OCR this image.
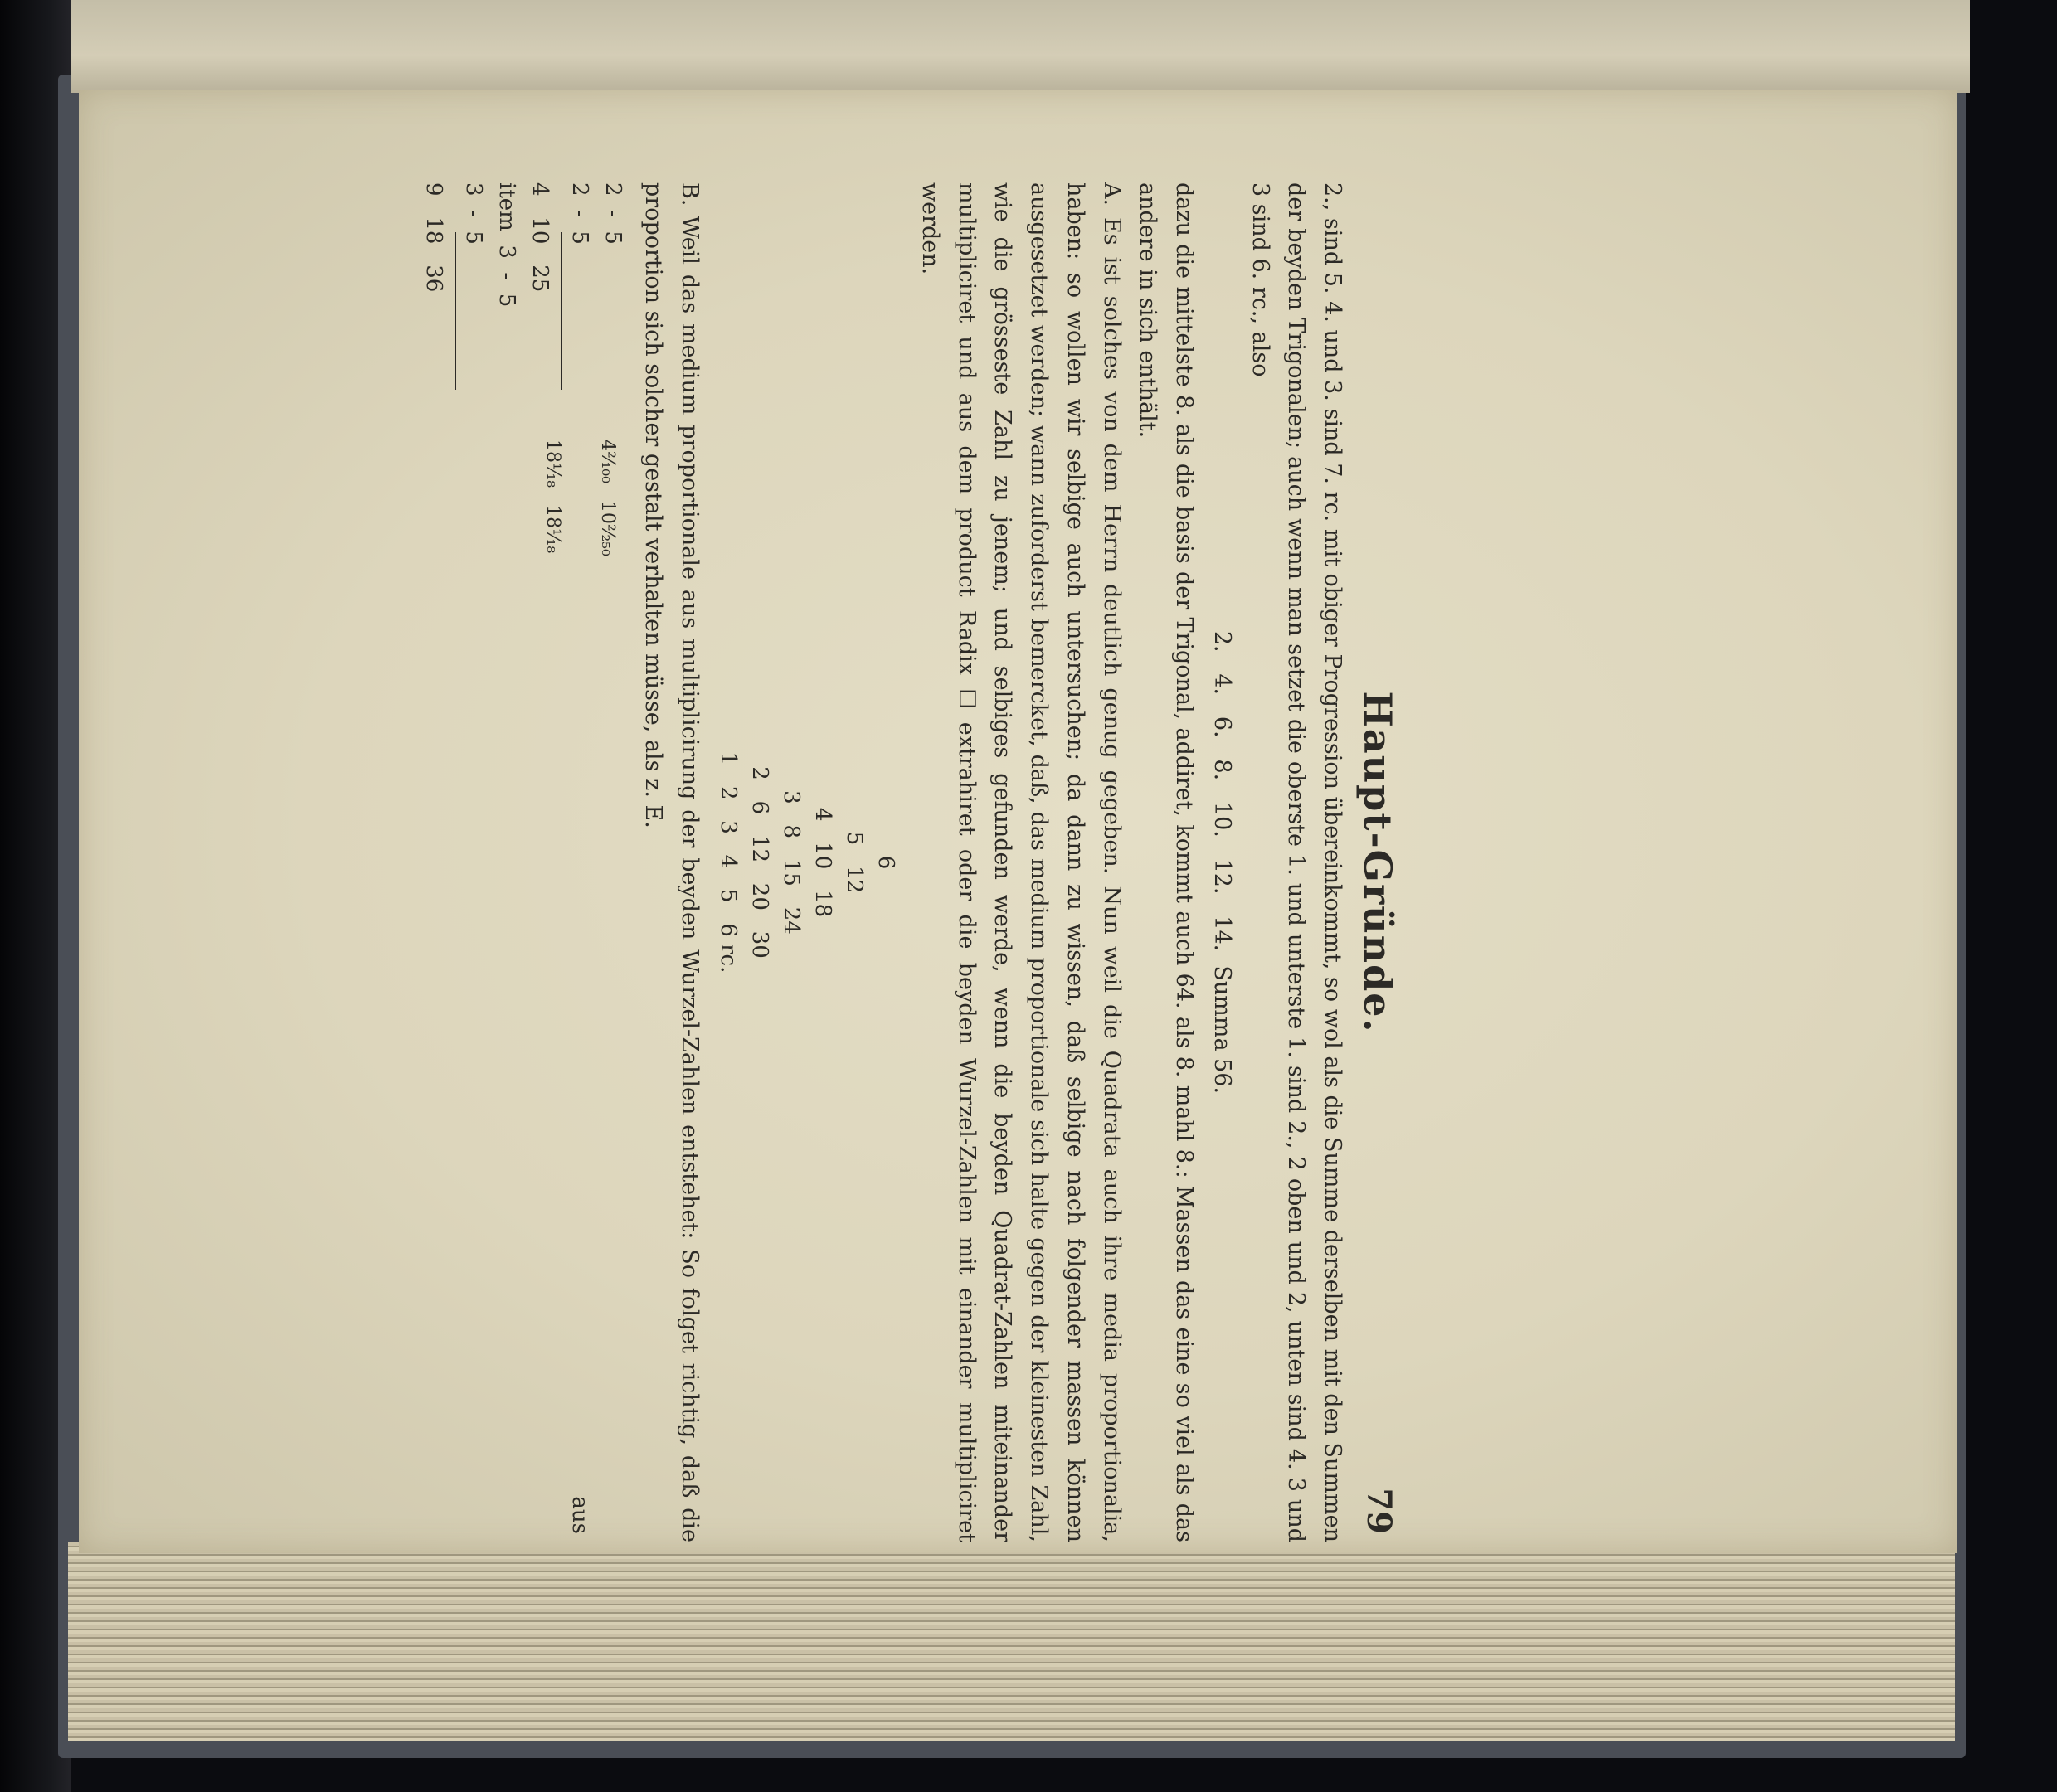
Haupt-Gründe.
79

2., sind 5. 4. und 3. sind 7. rc. mit obiger Progression übereinkommt, so wol als die Summe derselben mit den Summen der beyden Trigonalen; auch wenn man setzet die oberste 1. und unterste 1. sind 2., 2 oben und 2, unten sind 4. 3 und 3 sind 6. rc., also

2.   4.   6.   8.   10.   12.   14.  Summa 56.

dazu die mittelste 8. als die basis der Trigonal, addiret, kommt auch 64. als 8. mahl 8.: Massen das eine so viel als das andere in sich enthält.

A. Es ist solches von dem Herrn deutlich genug gegeben. Nun weil die Quadrata auch ihre media proportionalia, haben: so wollen wir selbige auch untersuchen; da dann zu wissen, daß selbige nach folgender massen können ausgesetzet werden; wann zuforderst bemercket, daß, das medium proportionale sich halte gegen der kleinesten Zahl, wie die grösseste Zahl zu jenem; und selbiges gefunden werde, wenn die beyden Quadrat-Zahlen miteinander multipliciret und aus dem product Radix ☐ extrahiret oder die beyden Wurzel-Zahlen mit einander multipliciret werden.

6
5   12
4   10   18
3   8   15   24
2   6   12   20   30
1   2   3   4   5   6 rc.

B. Weil das medium proportionale aus multiplicirung der beyden Wurzel-Zahlen entstehet: So folget richtig, daß die proportion sich solcher gestalt verhalten müsse, als z. E.

2  -  5
2  -  5
4   10   25
item  3  -  5
3  -  5
9   18   36
4²⁄₁₀₀   10²⁄₂₅₀
18¹⁄₁₈   18¹⁄₁₈
aus
